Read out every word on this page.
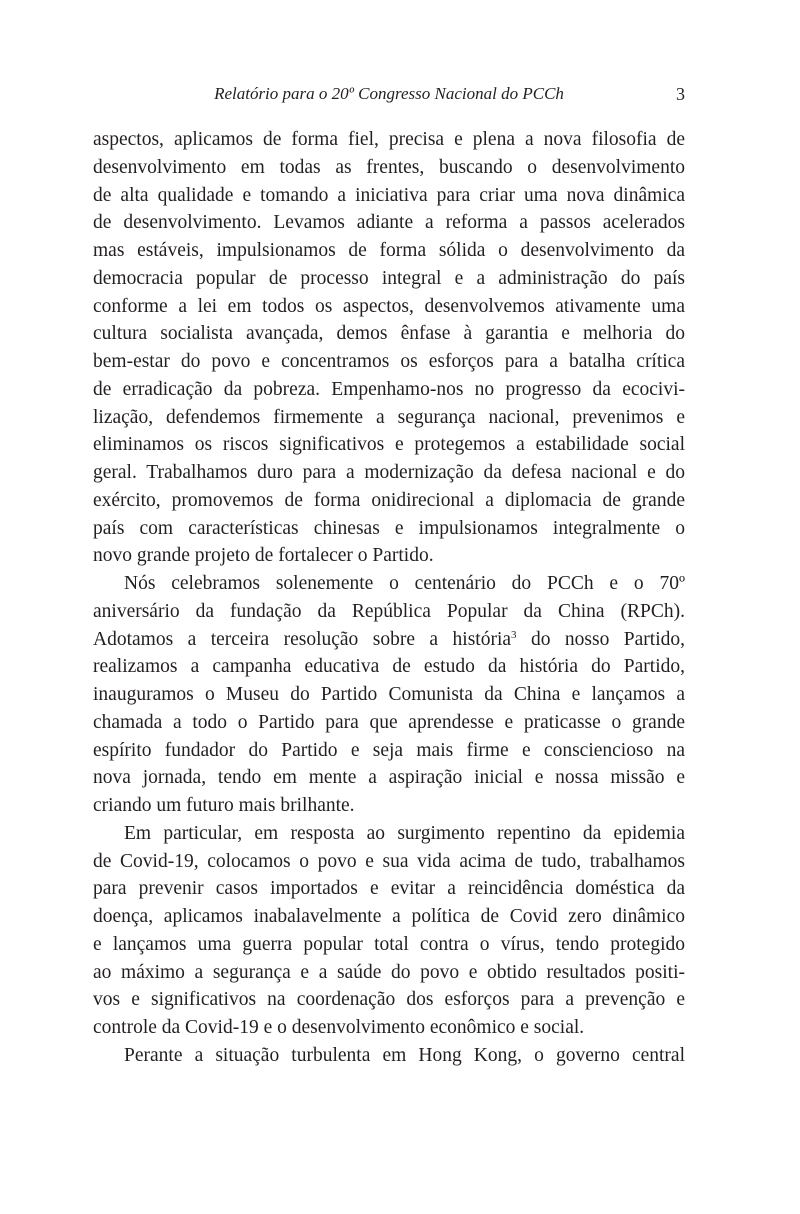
Relatório para o 20º Congresso Nacional do PCCh	3
aspectos, aplicamos de forma fiel, precisa e plena a nova filosofia de
desenvolvimento em todas as frentes, buscando o desenvolvimento
de alta qualidade e tomando a iniciativa para criar uma nova dinâmica
de desenvolvimento. Levamos adiante a reforma a passos acelerados
mas estáveis, impulsionamos de forma sólida o desenvolvimento da
democracia popular de processo integral e a administração do país
conforme a lei em todos os aspectos, desenvolvemos ativamente uma
cultura socialista avançada, demos ênfase à garantia e melhoria do
bem-estar do povo e concentramos os esforços para a batalha crítica
de erradicação da pobreza. Empenhamo-nos no progresso da ecocivi-
lização, defendemos firmemente a segurança nacional, prevenimos e
eliminamos os riscos significativos e protegemos a estabilidade social
geral. Trabalhamos duro para a modernização da defesa nacional e do
exército, promovemos de forma onidirecional a diplomacia de grande
país com características chinesas e impulsionamos integralmente o
novo grande projeto de fortalecer o Partido.
Nós celebramos solenemente o centenário do PCCh e o 70º
aniversário da fundação da República Popular da China (RPCh).
Adotamos a terceira resolução sobre a história$^3$ do nosso Partido,
realizamos a campanha educativa de estudo da história do Partido,
inauguramos o Museu do Partido Comunista da China e lançamos a
chamada a todo o Partido para que aprendesse e praticasse o grande
espírito fundador do Partido e seja mais firme e consciencioso na
nova jornada, tendo em mente a aspiração inicial e nossa missão e
criando um futuro mais brilhante.
Em particular, em resposta ao surgimento repentino da epidemia
de Covid-19, colocamos o povo e sua vida acima de tudo, trabalhamos
para prevenir casos importados e evitar a reincidência doméstica da
doença, aplicamos inabalavelmente a política de Covid zero dinâmico
e lançamos uma guerra popular total contra o vírus, tendo protegido
ao máximo a segurança e a saúde do povo e obtido resultados positi-
vos e significativos na coordenação dos esforços para a prevenção e
controle da Covid-19 e o desenvolvimento econômico e social.
Perante a situação turbulenta em Hong Kong, o governo central
